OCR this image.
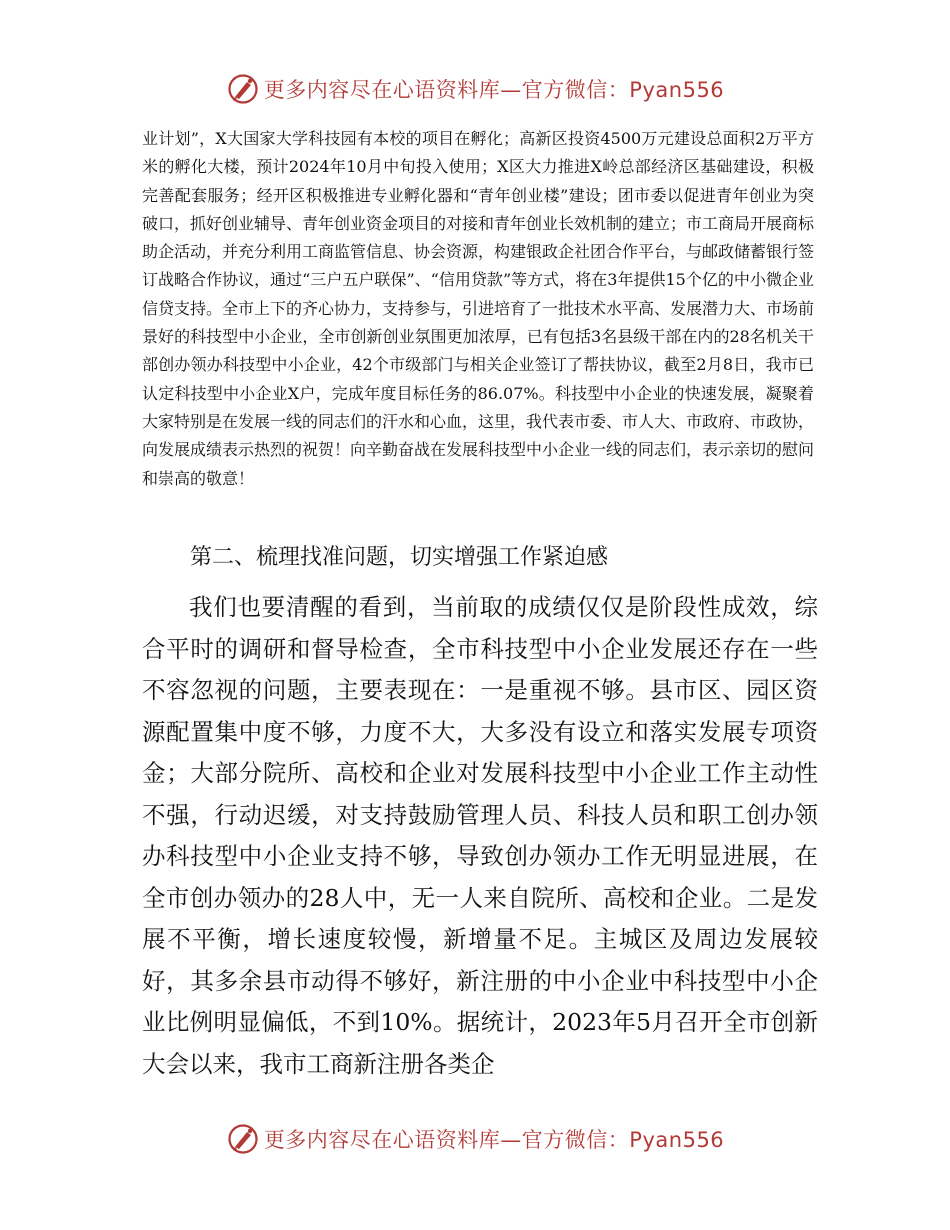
更多内容尽在心语资料库—官方微信：Pyan556

业计划”，X大国家大学科技园有本校的项目在孵化；高新区投资4500万元建设总面积2万平方米的孵化大楼，预计2024年10月中旬投入使用；X区大力推进X岭总部经济区基础建设，积极完善配套服务；经开区积极推进专业孵化器和“青年创业楼”建设；团市委以促进青年创业为突破口，抓好创业辅导、青年创业资金项目的对接和青年创业长效机制的建立；市工商局开展商标助企活动，并充分利用工商监管信息、协会资源，构建银政企社团合作平台，与邮政储蓄银行签订战略合作协议，通过“三户五户联保”、“信用贷款”等方式，将在3年提供15个亿的中小微企业信贷支持。全市上下的齐心协力，支持参与，引进培育了一批技术水平高、发展潜力大、市场前景好的科技型中小企业，全市创新创业氛围更加浓厚，已有包括3名县级干部在内的28名机关干部创办领办科技型中小企业，42个市级部门与相关企业签订了帮扶协议，截至2月8日，我市已认定科技型中小企业X户，完成年度目标任务的86.07%。科技型中小企业的快速发展，凝聚着大家特别是在发展一线的同志们的汗水和心血，这里，我代表市委、市人大、市政府、市政协，向发展成绩表示热烈的祝贺！向辛勤奋战在发展科技型中小企业一线的同志们，表示亲切的慰问和崇高的敬意！

第二、梳理找准问题，切实增强工作紧迫感

我们也要清醒的看到，当前取的成绩仅仅是阶段性成效，综合平时的调研和督导检查，全市科技型中小企业发展还存在一些不容忽视的问题，主要表现在：一是重视不够。县市区、园区资源配置集中度不够，力度不大，大多没有设立和落实发展专项资金；大部分院所、高校和企业对发展科技型中小企业工作主动性不强，行动迟缓，对支持鼓励管理人员、科技人员和职工创办领办科技型中小企业支持不够，导致创办领办工作无明显进展，在全市创办领办的28人中，无一人来自院所、高校和企业。二是发展不平衡，增长速度较慢，新增量不足。主城区及周边发展较好，其多余县市动得不够好，新注册的中小企业中科技型中小企业比例明显偏低，不到10%。据统计，2023年5月召开全市创新大会以来，我市工商新注册各类企

更多内容尽在心语资料库—官方微信：Pyan556
